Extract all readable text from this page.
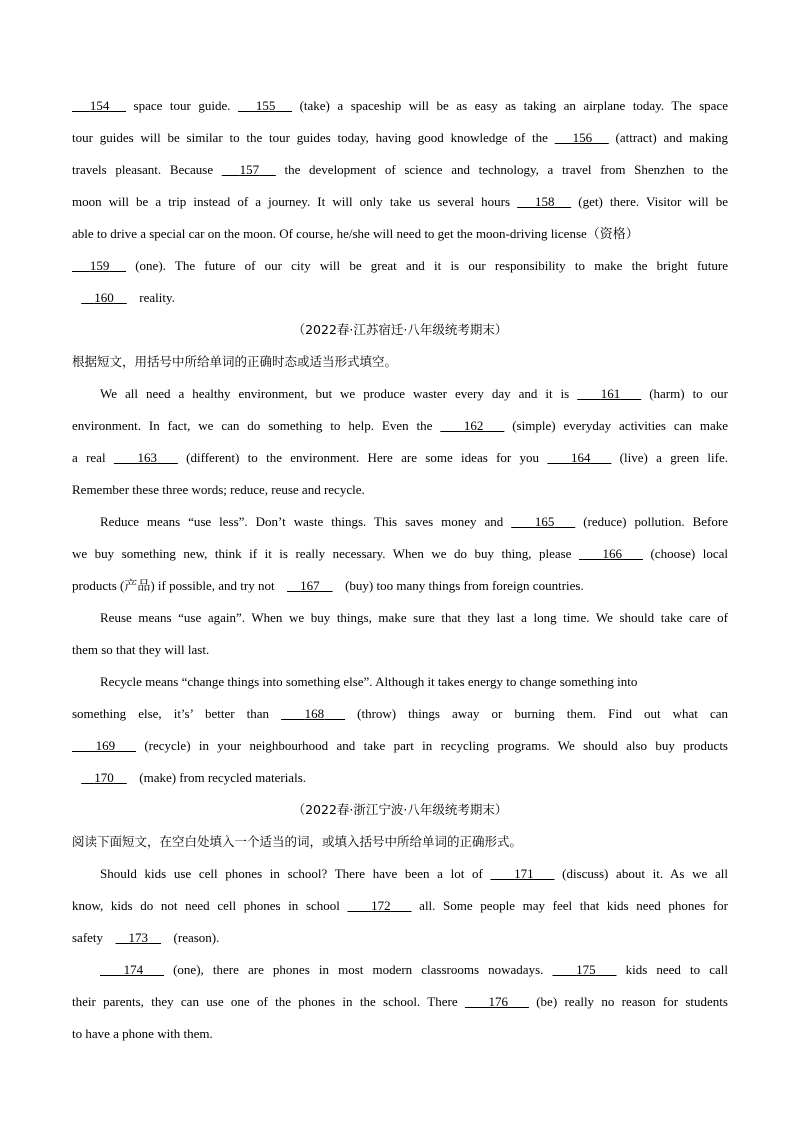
154 space tour guide. 155 (take) a spaceship will be as easy as taking an airplane today. The space
tour guides will be similar to the tour guides today, having good knowledge of the 156 (attract) and making
travels pleasant. Because 157 the development of science and technology, a travel from Shenzhen to the
moon will be a trip instead of a journey. It will only take us several hours 158 (get) there. Visitor will be
able to drive a special car on the moon. Of course, he/she will need to get the moon-driving license（资格）
159 (one). The future of our city will be great and it is our responsibility to make the bright future
160 reality.
（2022春·江苏宿迁·八年级统考期末）
根据短文，用括号中所给单词的正确时态或适当形式填空。
We all need a healthy environment, but we produce waster every day and it is 161 (harm) to our
environment. In fact, we can do something to help. Even the 162 (simple) everyday activities can make
a real 163 (different) to the environment. Here are some ideas for you 164 (live) a green life.
Remember these three words; reduce, reuse and recycle.
Reduce means “use less”. Don’t waste things. This saves money and 165 (reduce) pollution. Before
we buy something new, think if it is really necessary. When we do buy thing, please 166 (choose) local
products (产品) if possible, and try not 167 (buy) too many things from foreign countries.
Reuse means “use again”. When we buy things, make sure that they last a long time. We should take care of
them so that they will last.
Recycle means “change things into something else”. Although it takes energy to change something into
something else, it’s’ better than 168 (throw) things away or burning them. Find out what can
169 (recycle) in your neighbourhood and take part in recycling programs. We should also buy products
170 (make) from recycled materials.
（2022春·浙江宁波·八年级统考期末）
阅读下面短文，在空白处填入一个适当的词，或填入括号中所给单词的正确形式。
Should kids use cell phones in school? There have been a lot of 171 (discuss) about it. As we all
know, kids do not need cell phones in school 172 all. Some people may feel that kids need phones for
safety 173 (reason).
174 (one), there are phones in most modern classrooms nowadays. 175 kids need to call
their parents, they can use one of the phones in the school. There 176 (be) really no reason for students
to have a phone with them.
